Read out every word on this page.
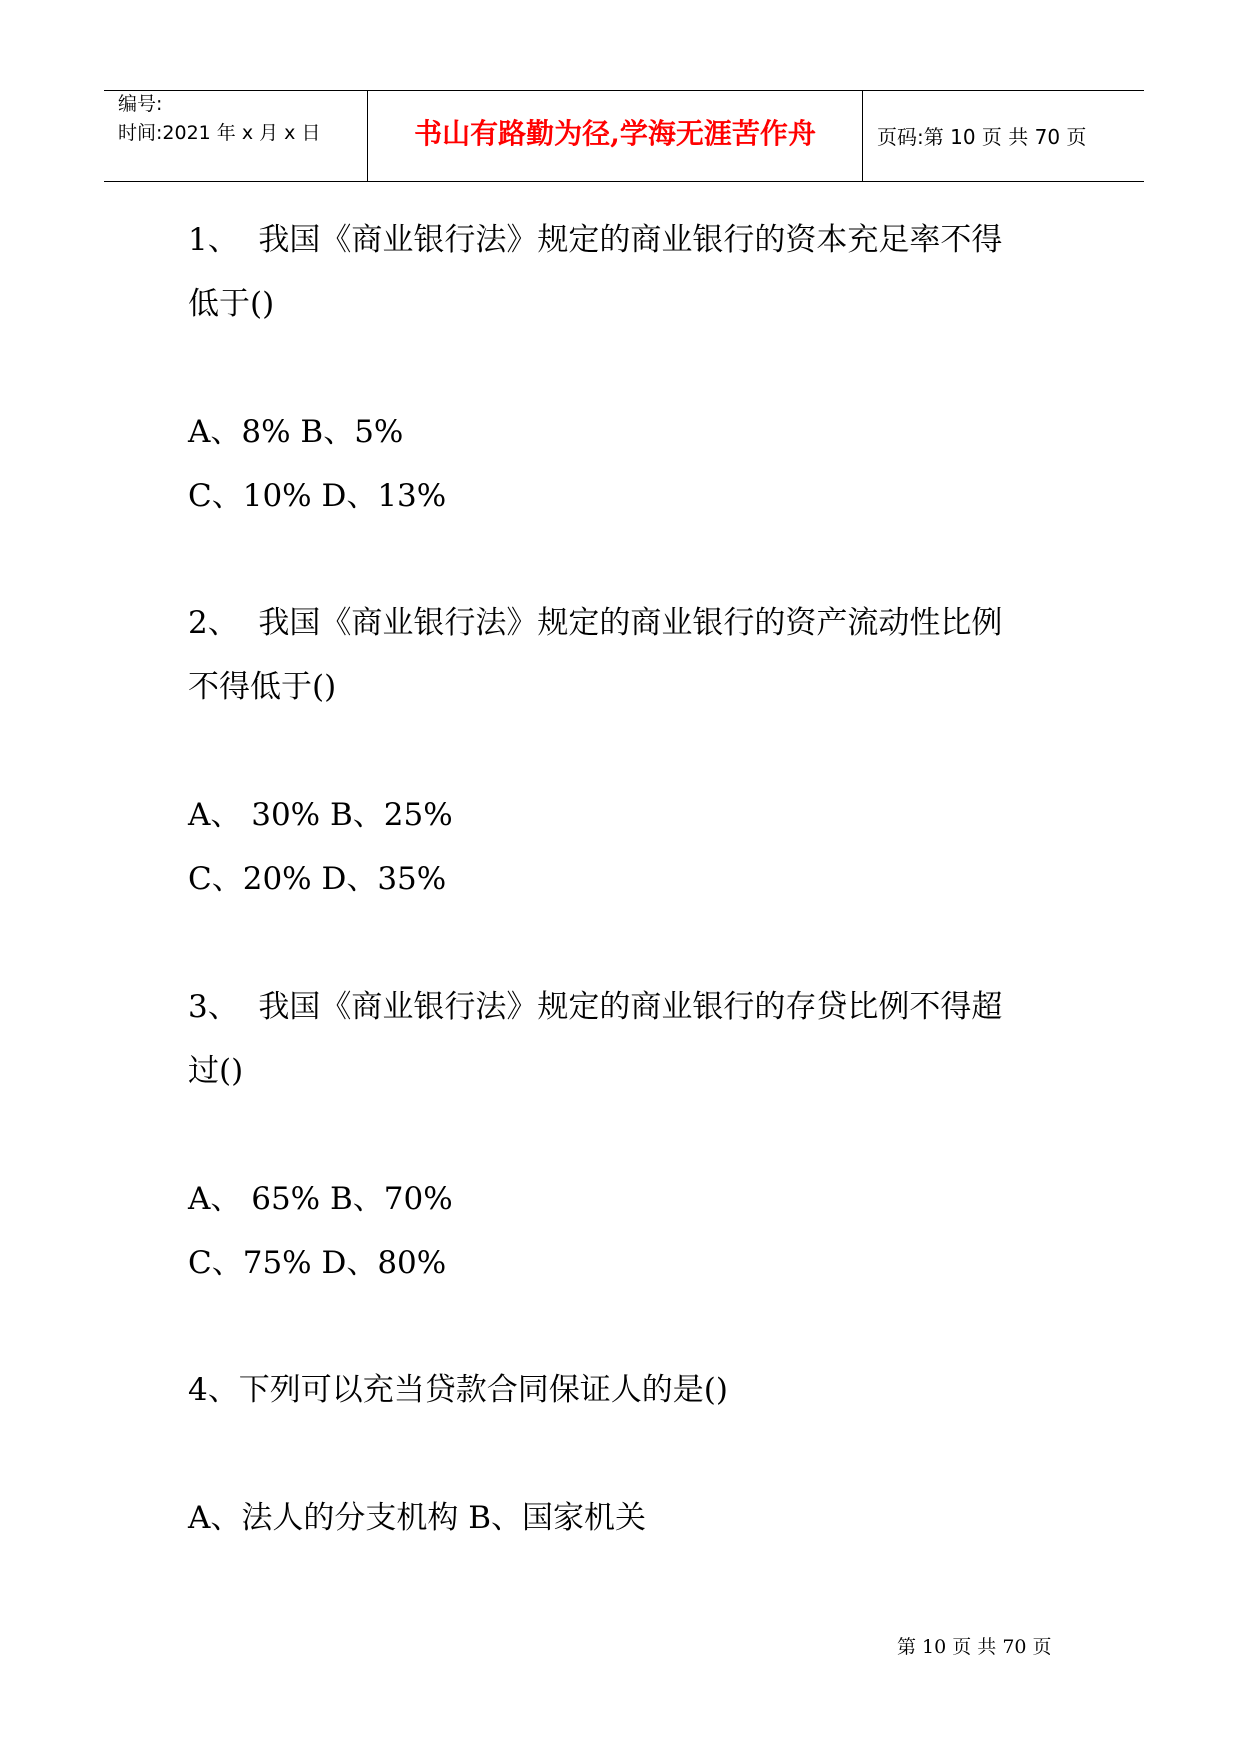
编号:
时间:2021 年 x 月 x 日	书山有路勤为径,学海无涯苦作舟	页码:第 10 页 共 70 页
1、  我国《商业银行法》规定的商业银行的资本充足率不得
低于()
A、8% B、5%
C、10% D、13%
2、  我国《商业银行法》规定的商业银行的资产流动性比例
不得低于()
A、 30% B、25%
C、20% D、35%
3、  我国《商业银行法》规定的商业银行的存贷比例不得超
过()
A、 65% B、70%
C、75% D、80%
4、下列可以充当贷款合同保证人的是()
A、法人的分支机构 B、国家机关
第 10 页 共 70 页
